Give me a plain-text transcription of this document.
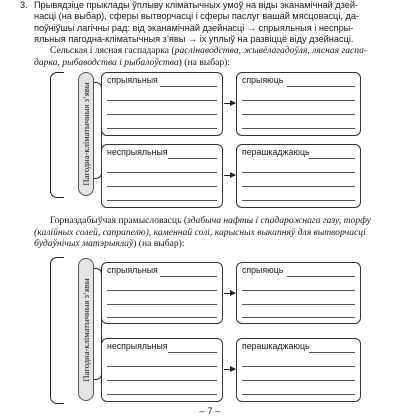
3. Прывядзіце прыклады ўплыву кліматычных умоў на віды эканамічнай дзей-
насці (на выбар), сферы вытворчасці і сферы паслуг вашай мясцовасці, да-
поўніўшы лагічны рад: від эканамічнай дзейнасці → спрыяльныя і неспры-
яльныя пагодна-кліматычныя з’явы → іх уплыў на развіццё віду дзейнасці.
Сельская і лясная гаспадарка (раслінаводства, жывёлагадоўля, лясная гаспа-
дарка, рыбаводства і рыбалоўства) (на выбар):
Пагодна-кліматычныя з’явы
спрыяльныя	спрыяюць
неспрыяльныя	перашкаджаюць
Горназдабыўчая прамысловасць (здабыча нафты і спадарожнага газу, торфу
(калійных солей, сапрапелю), каменнай солі, карысных выкапняў для вытворчасці
будаўнічых матэрыялаў) (на выбар):
Пагодна-кліматычныя з’явы
спрыяльныя	спрыяюць
неспрыяльныя	перашкаджаюць
– 7 –
